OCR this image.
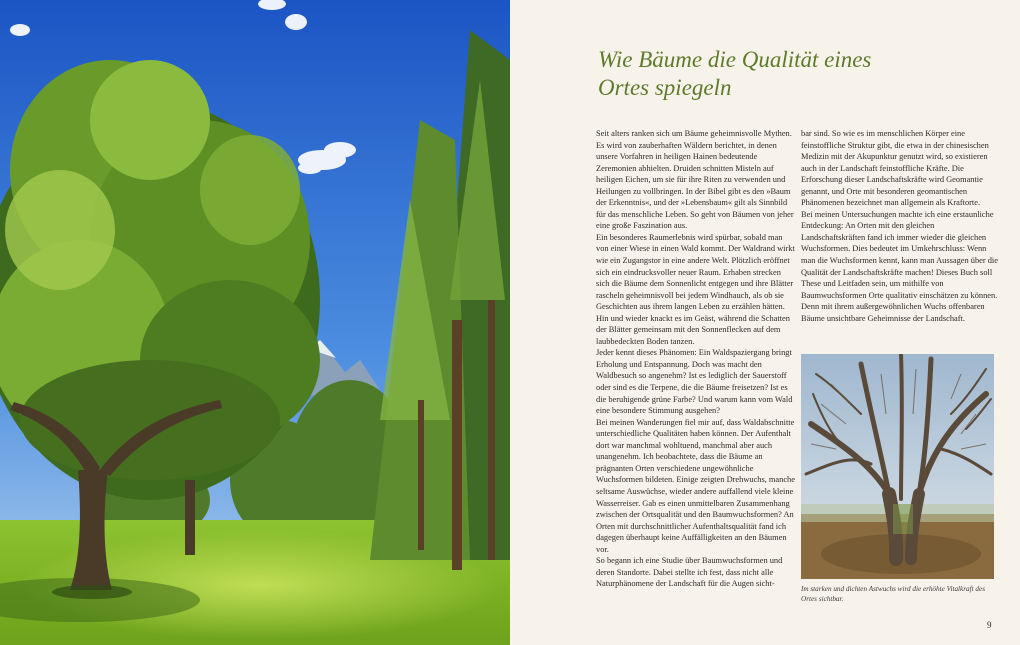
Wie Bäume die Qualität eines
Ortes spiegeln

Seit alters ranken sich um Bäume geheimnisvolle Mythen. Es wird von zauberhaften Wäldern berichtet, in denen unsere Vorfahren in heiligen Hainen bedeutende Zeremonien abhielten. Druiden schnitten Misteln auf heiligen Eichen, um sie für ihre Riten zu verwenden und Heilungen zu vollbringen. In der Bibel gibt es den »Baum der Erkenntnis«, und der »Lebensbaum« gilt als Sinnbild für das menschliche Leben. So geht von Bäumen von jeher eine große Faszination aus.

Ein besonderes Raumerlebnis wird spürbar, sobald man von einer Wiese in einen Wald kommt. Der Waldrand wirkt wie ein Zugangstor in eine andere Welt. Plötzlich eröffnet sich ein eindrucksvoller neuer Raum. Erhaben strecken sich die Bäume dem Sonnenlicht entgegen und ihre Blätter rascheln geheimnisvoll bei jedem Windhauch, als ob sie Geschichten aus ihrem langen Leben zu erzählen hätten. Hin und wieder knackt es im Geäst, während die Schatten der Blätter gemeinsam mit den Sonnenflecken auf dem laubbedeckten Boden tanzen.

Jeder kennt dieses Phänomen: Ein Waldspaziergang bringt Erholung und Entspannung. Doch was macht den Waldbesuch so angenehm? Ist es lediglich der Sauerstoff oder sind es die Terpene, die die Bäume freisetzen? Ist es die beruhigende grüne Farbe? Und warum kann vom Wald eine besondere Stimmung ausgehen?

Bei meinen Wanderungen fiel mir auf, dass Waldabschnitte unterschiedliche Qualitäten haben können. Der Aufenthalt dort war manchmal wohltuend, manchmal aber auch unangenehm. Ich beobachtete, dass die Bäume an prägnanten Orten verschiedene ungewöhnliche Wuchsformen bildeten. Einige zeigten Drehwuchs, manche seltsame Auswüchse, wieder andere auffallend viele kleine Wasserreiser. Gab es einen unmittelbaren Zusammenhang zwischen der Ortsqualität und den Baumwuchsformen? An Orten mit durchschnittlicher Aufenthaltsqualität fand ich dagegen überhaupt keine Auffälligkeiten an den Bäumen vor.

So begann ich eine Studie über Baumwuchsformen und deren Standorte. Dabei stellte ich fest, dass nicht alle Naturphänomene der Landschaft für die Augen sicht-

bar sind. So wie es im menschlichen Körper eine feinstoffliche Struktur gibt, die etwa in der chinesischen Medizin mit der Akupunktur genutzt wird, so existieren auch in der Landschaft feinstoffliche Kräfte. Die Erforschung dieser Landschaftskräfte wird Geomantie genannt, und Orte mit besonderen geomantischen Phänomenen bezeichnet man allgemein als Kraftorte.

Bei meinen Untersuchungen machte ich eine erstaunliche Entdeckung: An Orten mit den gleichen Landschaftskräften fand ich immer wieder die gleichen Wuchsformen. Dies bedeutet im Umkehrschluss: Wenn man die Wuchsformen kennt, kann man Aussagen über die Qualität der Landschaftskräfte machen! Dieses Buch soll These und Leitfaden sein, um mithilfe von Baumwuchsformen Orte qualitativ einschätzen zu können. Denn mit ihrem außergewöhnlichen Wuchs offenbaren Bäume unsichtbare Geheimnisse der Landschaft.

Im starken und dichten Astwuchs wird die erhöhte Vitalkraft des Ortes sichtbar.

9
